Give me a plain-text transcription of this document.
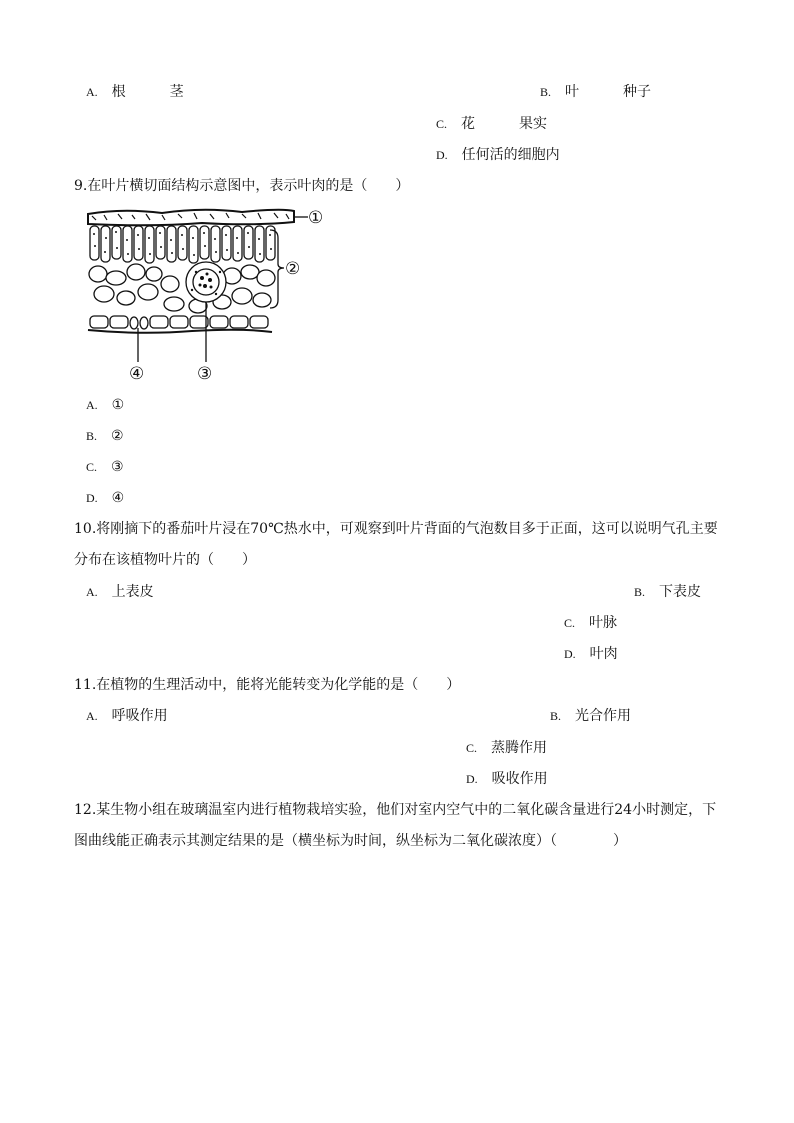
A. 根	茎	B. 叶	种子
C. 花	果实
D. 任何活的细胞内
9.在叶片横切面结构示意图中，表示叶肉的是（　　）
①
②
③
④
A. ①
B. ②
C. ③
D. ④
10.将刚摘下的番茄叶片浸在70℃热水中，可观察到叶片背面的气泡数目多于正面，这可以说明气孔主要
分布在该植物叶片的（　　）
A. 上表皮	B. 下表皮
C. 叶脉
D. 叶肉
11.在植物的生理活动中，能将光能转变为化学能的是（　　）
A. 呼吸作用	B. 光合作用
C. 蒸腾作用
D. 吸收作用
12.某生物小组在玻璃温室内进行植物栽培实验，他们对室内空气中的二氧化碳含量进行24小时测定，下
图曲线能正确表示其测定结果的是（横坐标为时间，纵坐标为二氧化碳浓度）（　　　　）
